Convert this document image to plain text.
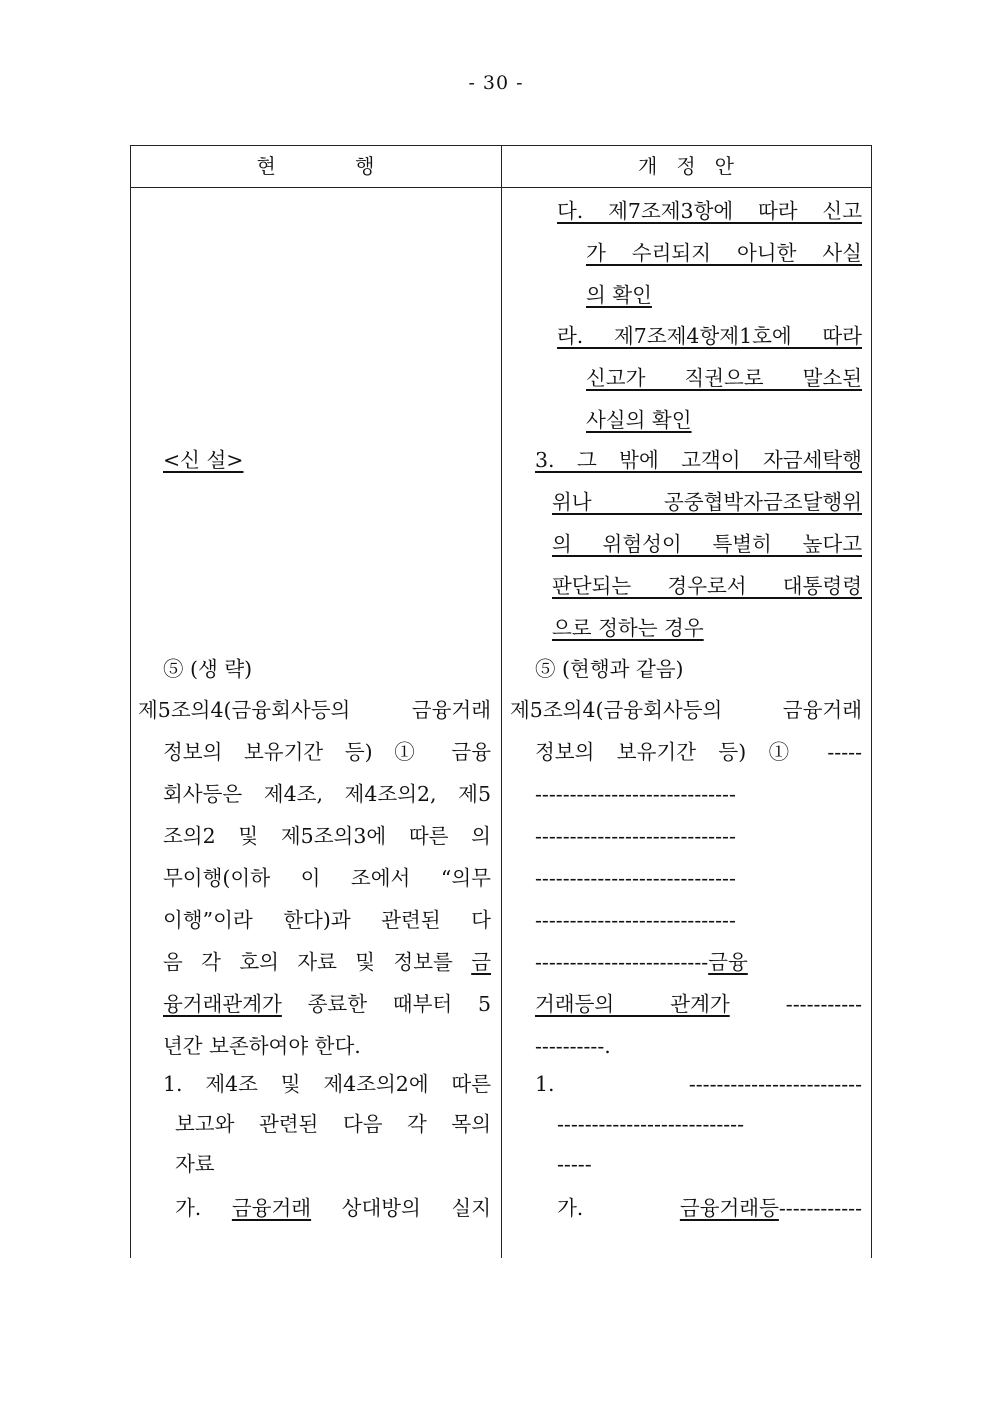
- 30 -
현	행	개 정 안
<신 설>
⑤ (생 략)
제5조의4(금융회사등의 금융거래
정보의 보유기간 등) ① 금융
회사등은 제4조, 제4조의2, 제5
조의2 및 제5조의3에 따른 의
무이행(이하 이 조에서 “의무
이행”이라 한다)과 관련된 다
음 각 호의 자료 및 정보를 금
융거래관계가 종료한 때부터 5
년간 보존하여야 한다.
1. 제4조 및 제4조의2에 따른
보고와 관련된 다음 각 목의
자료
가. 금융거래 상대방의 실지
다. 제7조제3항에 따라 신고
가 수리되지 아니한 사실
의 확인
라. 제7조제4항제1호에 따라
신고가 직권으로 말소된
사실의 확인
3. 그 밖에 고객이 자금세탁행
위나 공중협박자금조달행위
의 위험성이 특별히 높다고
판단되는 경우로서 대통령령
으로 정하는 경우
⑤ (현행과 같음)
제5조의4(금융회사등의 금융거래
정보의 보유기간 등) ① -----
-----------------------------
-----------------------------
-----------------------------
-----------------------------
-------------------------금융
거래등의 관계가 -----------
----------.
1. -------------------------
---------------------------
-----
가. 금융거래등------------
